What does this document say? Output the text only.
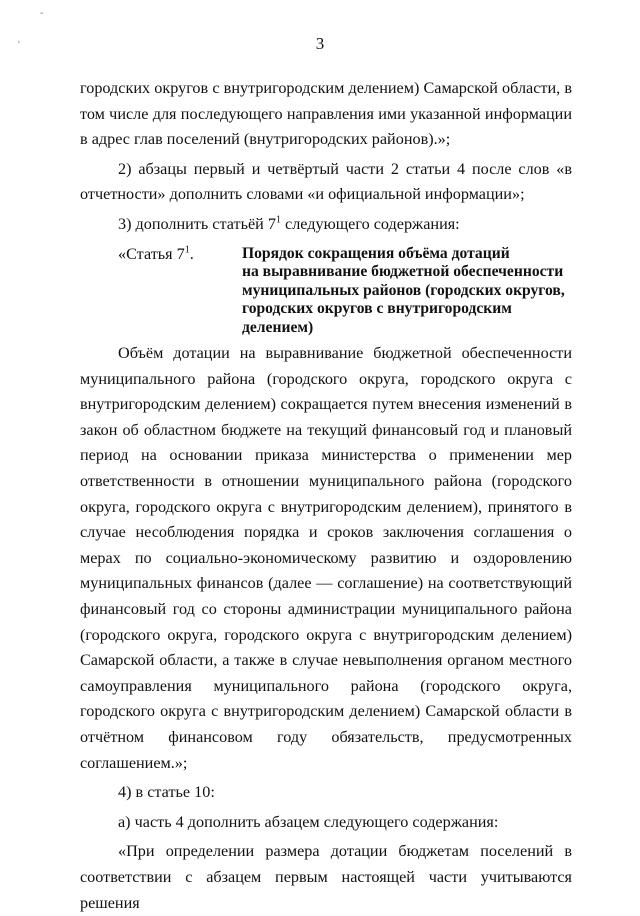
ˆ
'	3

городских округов с внутригородским делением) Самарской области, в том числе для последующего направления ими указанной информации в адрес глав поселений (внутригородских районов).»;

2) абзацы первый и четвёртый части 2 статьи 4 после слов «в отчетности» дополнить словами «и официальной информации»;

3) дополнить статьёй $7^1$ следующего содержания:

«Статья $7^1$.	Порядок сокращения объёма дотаций
на выравнивание бюджетной обеспеченности
муниципальных районов (городских округов,
городских округов с внутригородским делением)

Объём дотации на выравнивание бюджетной обеспеченности муниципального района (городского округа, городского округа с внутригородским делением) сокращается путем внесения изменений в закон об областном бюджете на текущий финансовый год и плановый период на основании приказа министерства о применении мер ответственности в отношении муниципального района (городского округа, городского округа с внутригородским делением), принятого в случае несоблюдения порядка и сроков заключения соглашения о мерах по социально-экономическому развитию и оздоровлению муниципальных финансов (далее — соглашение) на соответствующий финансовый год со стороны администрации муниципального района (городского округа, городского округа с внутригородским делением) Самарской области, а также в случае невыполнения органом местного самоуправления муниципального района (городского округа, городского округа с внутригородским делением) Самарской области в отчётном финансовом году обязательств, предусмотренных соглашением.»;

4) в статье 10:

а) часть 4 дополнить абзацем следующего содержания:

«При определении размера дотации бюджетам поселений в соответствии с абзацем первым настоящей части учитываются решения
